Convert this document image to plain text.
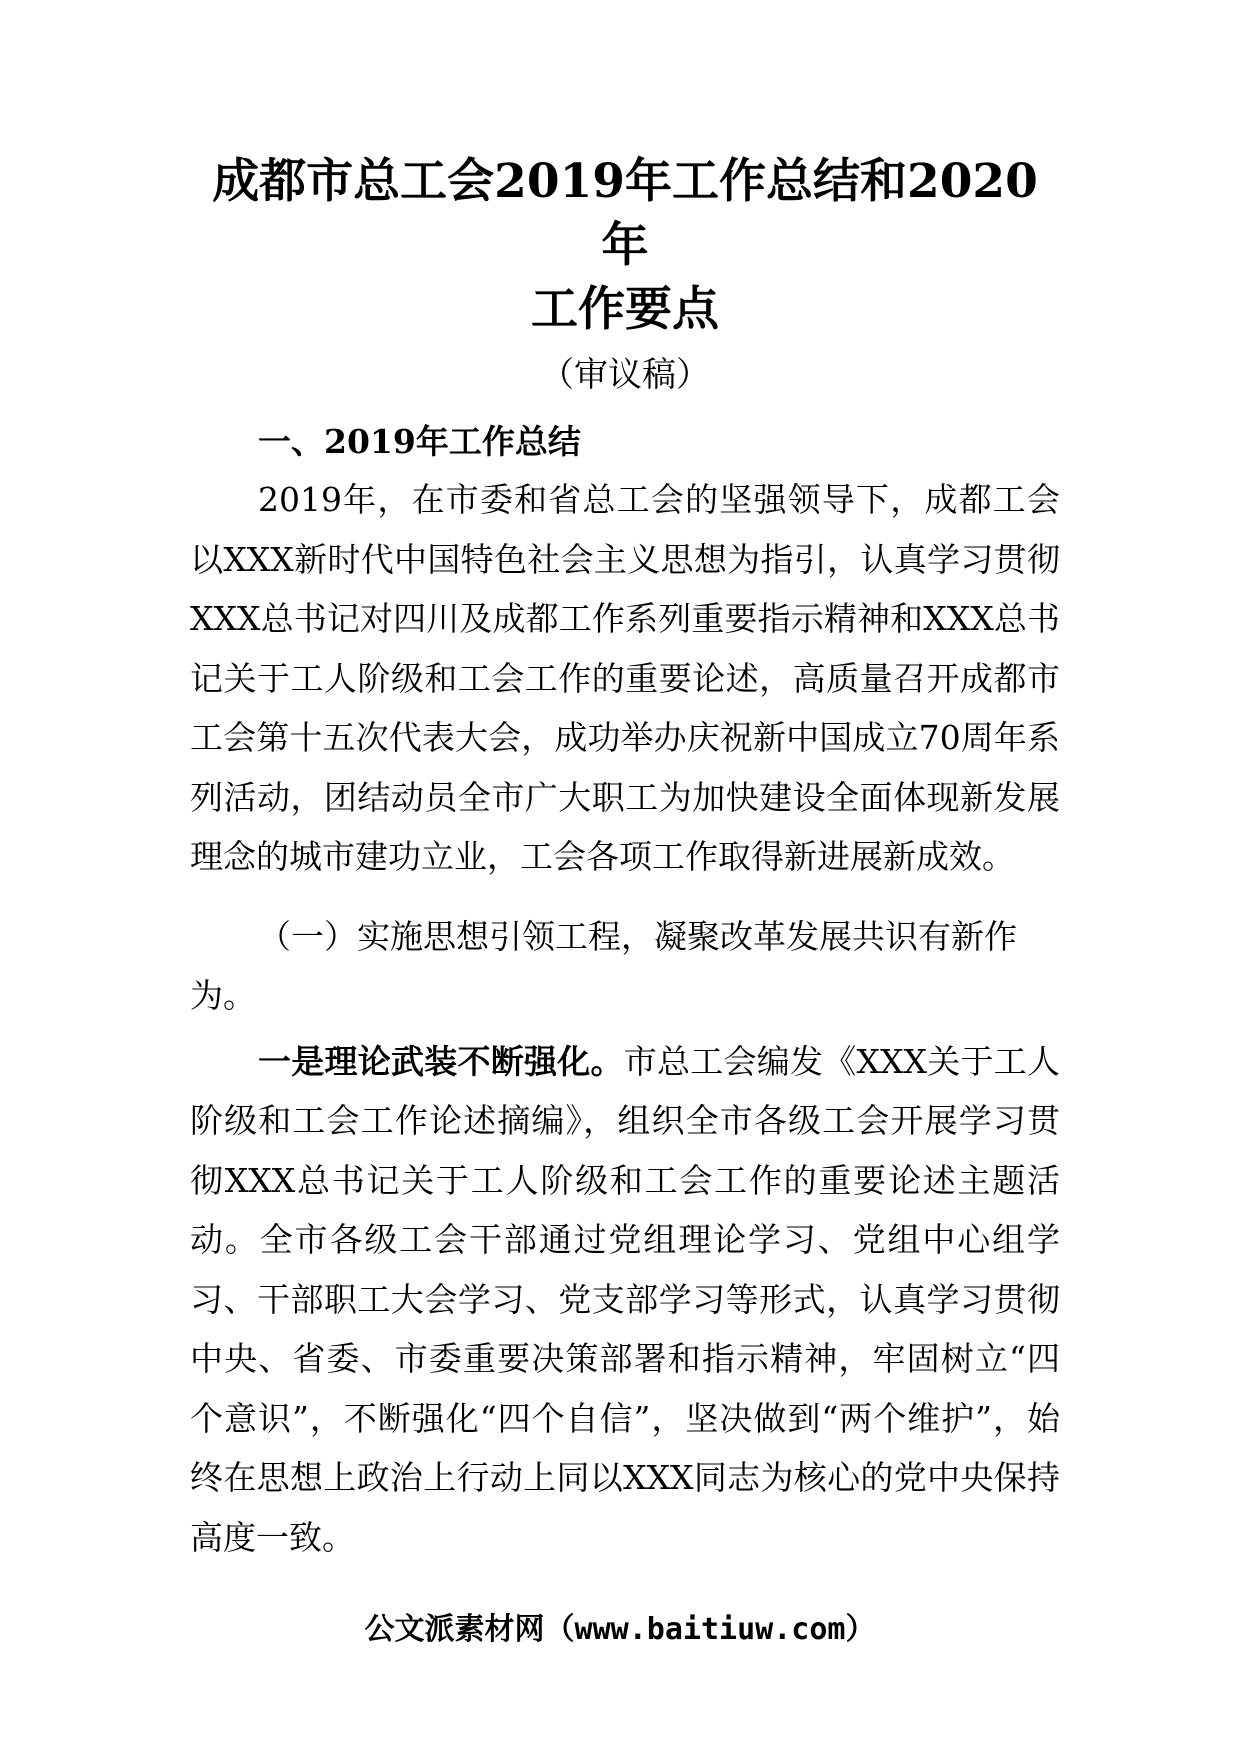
成都市总工会2019年工作总结和2020年
工作要点

（审议稿）

一、2019年工作总结

2019年，在市委和省总工会的坚强领导下，成都工会以XXX新时代中国特色社会主义思想为指引，认真学习贯彻XXX总书记对四川及成都工作系列重要指示精神和XXX总书记关于工人阶级和工会工作的重要论述，高质量召开成都市工会第十五次代表大会，成功举办庆祝新中国成立70周年系列活动，团结动员全市广大职工为加快建设全面体现新发展理念的城市建功立业，工会各项工作取得新进展新成效。

（一）实施思想引领工程，凝聚改革发展共识有新作为。

一是理论武装不断强化。市总工会编发《XXX关于工人阶级和工会工作论述摘编》，组织全市各级工会开展学习贯彻XXX总书记关于工人阶级和工会工作的重要论述主题活动。全市各级工会干部通过党组理论学习、党组中心组学习、干部职工大会学习、党支部学习等形式，认真学习贯彻中央、省委、市委重要决策部署和指示精神，牢固树立“四个意识”，不断强化“四个自信”，坚决做到“两个维护”，始终在思想上政治上行动上同以XXX同志为核心的党中央保持高度一致。

公文派素材网（www.baitiuw.com）
